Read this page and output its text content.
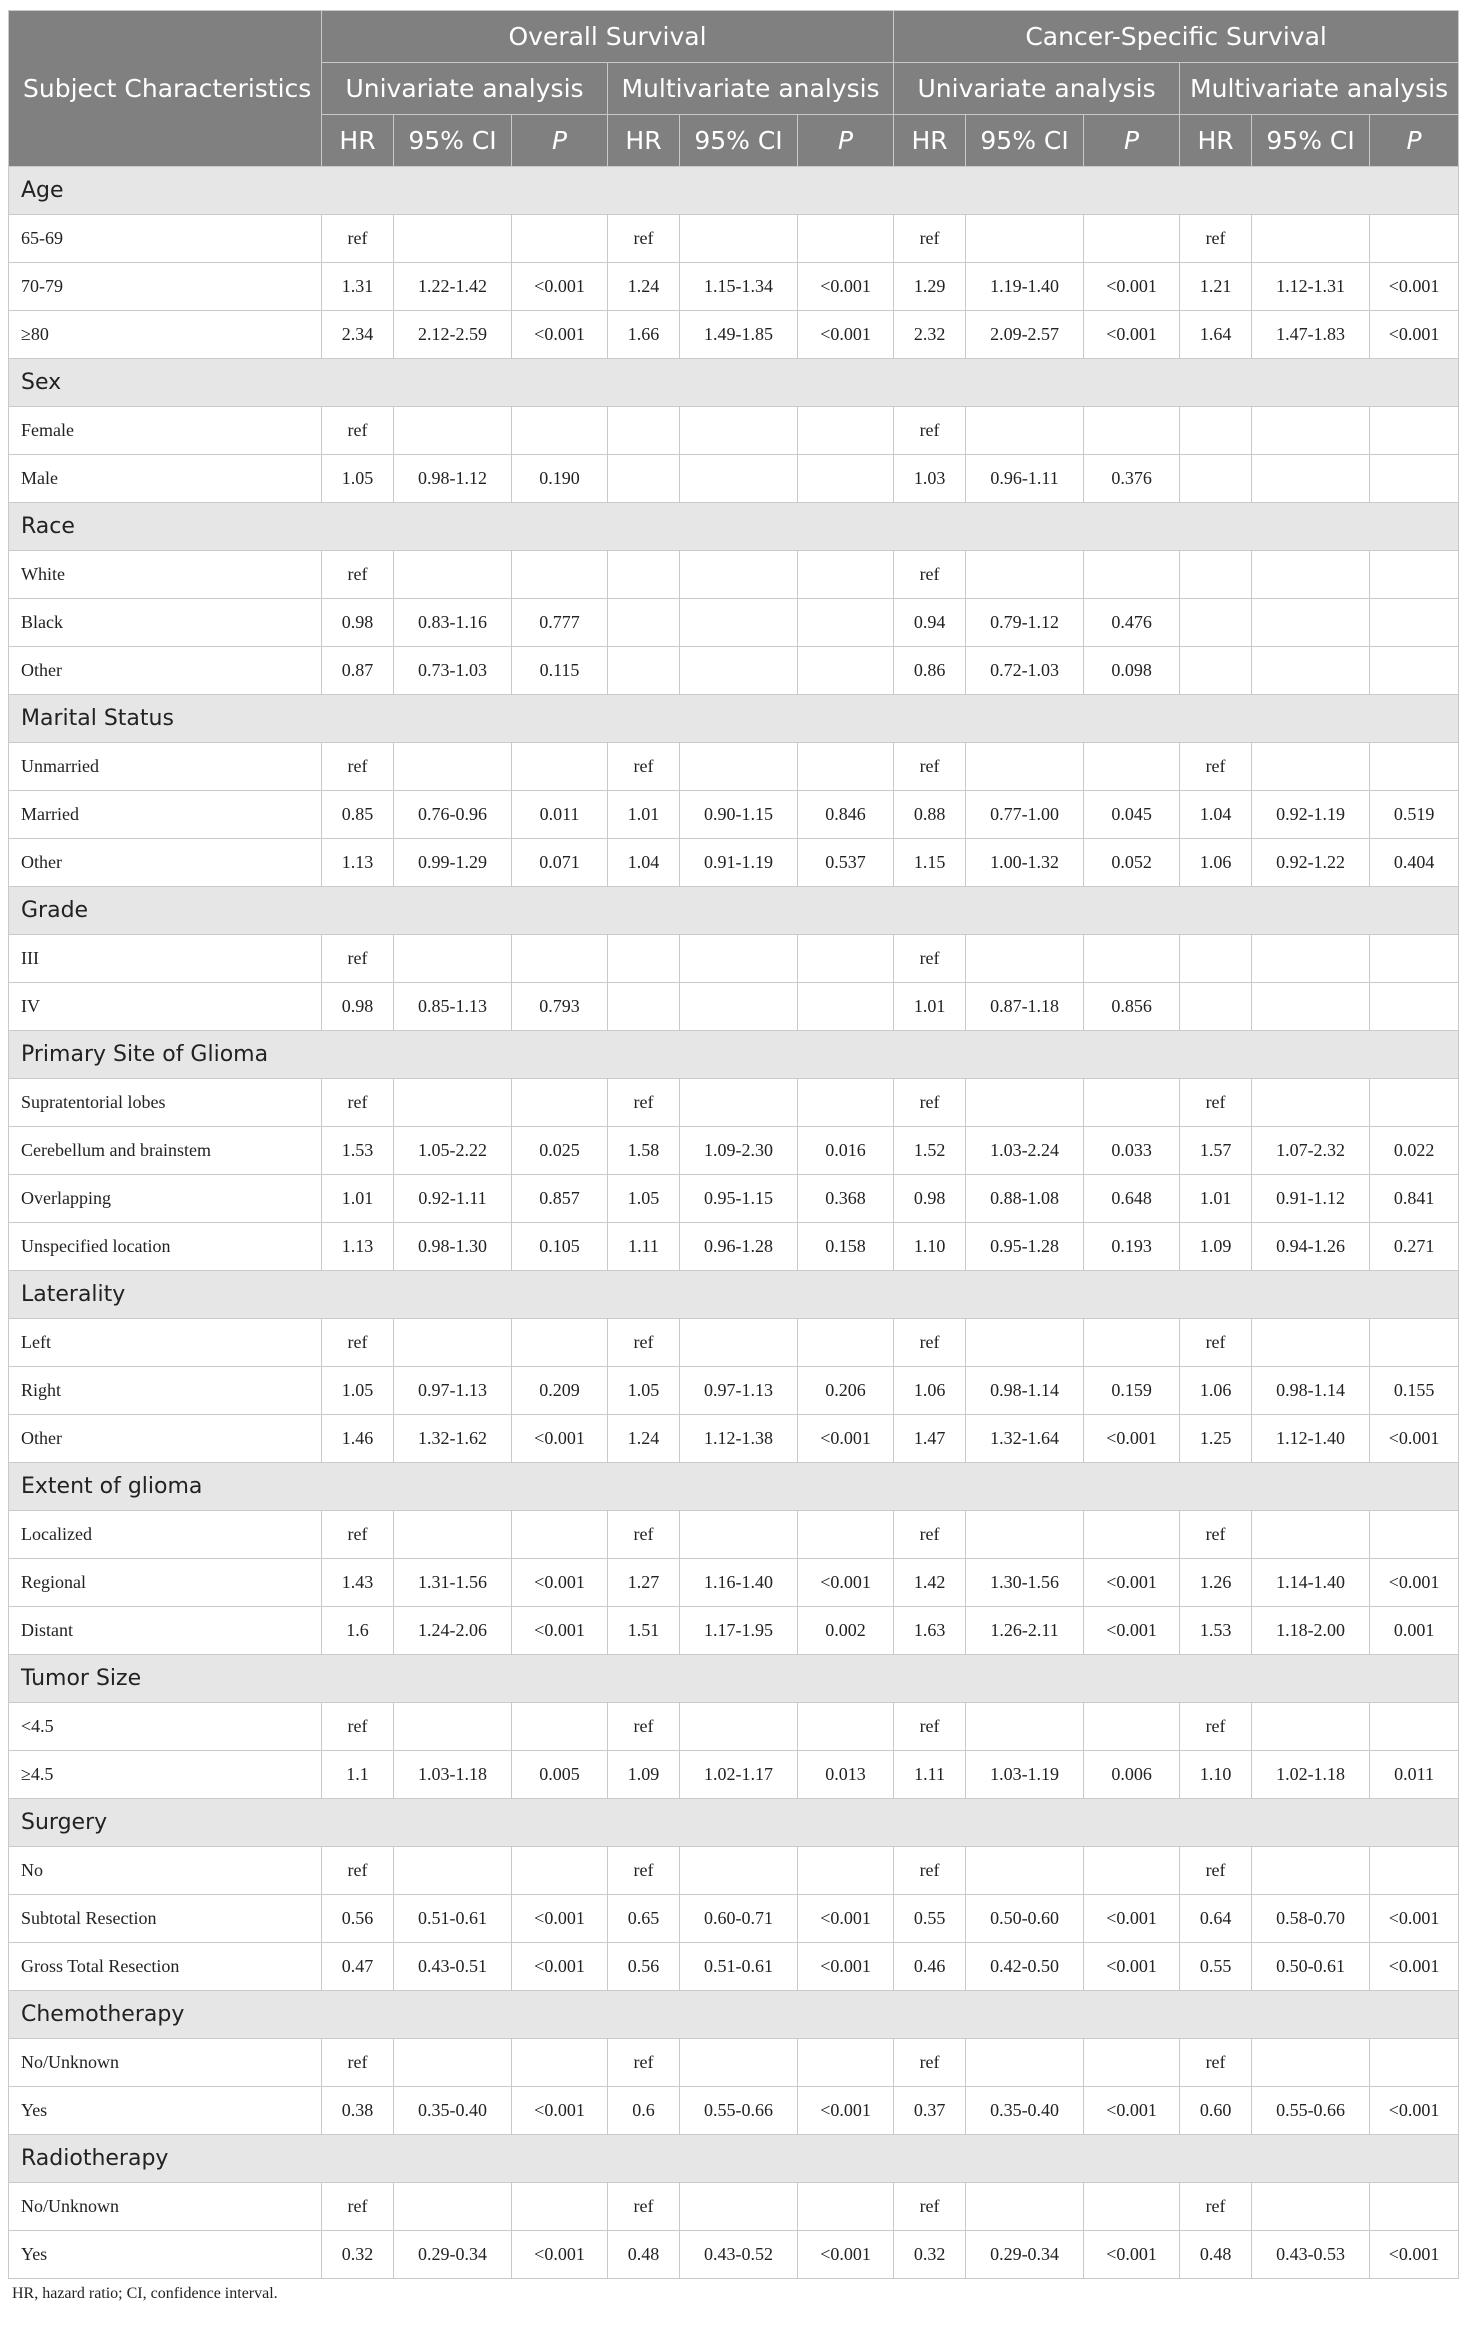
Subject Characteristics	Overall Survival						Cancer-Specific Survival					
	Univariate analysis			Multivariate analysis			Univariate analysis			Multivariate analysis		
	HR	95% CI	P	HR	95% CI	P	HR	95% CI	P	HR	95% CI	P
Age												
65-69	ref			ref			ref			ref		
70-79	1.31	1.22-1.42	<0.001	1.24	1.15-1.34	<0.001	1.29	1.19-1.40	<0.001	1.21	1.12-1.31	<0.001
≥80	2.34	2.12-2.59	<0.001	1.66	1.49-1.85	<0.001	2.32	2.09-2.57	<0.001	1.64	1.47-1.83	<0.001
Sex												
Female	ref						ref					
Male	1.05	0.98-1.12	0.190				1.03	0.96-1.11	0.376			
Race												
White	ref						ref					
Black	0.98	0.83-1.16	0.777				0.94	0.79-1.12	0.476			
Other	0.87	0.73-1.03	0.115				0.86	0.72-1.03	0.098			
Marital Status												
Unmarried	ref			ref			ref			ref		
Married	0.85	0.76-0.96	0.011	1.01	0.90-1.15	0.846	0.88	0.77-1.00	0.045	1.04	0.92-1.19	0.519
Other	1.13	0.99-1.29	0.071	1.04	0.91-1.19	0.537	1.15	1.00-1.32	0.052	1.06	0.92-1.22	0.404
Grade												
III	ref						ref					
IV	0.98	0.85-1.13	0.793				1.01	0.87-1.18	0.856			
Primary Site of Glioma												
Supratentorial lobes	ref			ref			ref			ref		
Cerebellum and brainstem	1.53	1.05-2.22	0.025	1.58	1.09-2.30	0.016	1.52	1.03-2.24	0.033	1.57	1.07-2.32	0.022
Overlapping	1.01	0.92-1.11	0.857	1.05	0.95-1.15	0.368	0.98	0.88-1.08	0.648	1.01	0.91-1.12	0.841
Unspecified location	1.13	0.98-1.30	0.105	1.11	0.96-1.28	0.158	1.10	0.95-1.28	0.193	1.09	0.94-1.26	0.271
Laterality												
Left	ref			ref			ref			ref		
Right	1.05	0.97-1.13	0.209	1.05	0.97-1.13	0.206	1.06	0.98-1.14	0.159	1.06	0.98-1.14	0.155
Other	1.46	1.32-1.62	<0.001	1.24	1.12-1.38	<0.001	1.47	1.32-1.64	<0.001	1.25	1.12-1.40	<0.001
Extent of glioma												
Localized	ref			ref			ref			ref		
Regional	1.43	1.31-1.56	<0.001	1.27	1.16-1.40	<0.001	1.42	1.30-1.56	<0.001	1.26	1.14-1.40	<0.001
Distant	1.6	1.24-2.06	<0.001	1.51	1.17-1.95	0.002	1.63	1.26-2.11	<0.001	1.53	1.18-2.00	0.001
Tumor Size												
<4.5	ref			ref			ref			ref		
≥4.5	1.1	1.03-1.18	0.005	1.09	1.02-1.17	0.013	1.11	1.03-1.19	0.006	1.10	1.02-1.18	0.011
Surgery												
No	ref			ref			ref			ref		
Subtotal Resection	0.56	0.51-0.61	<0.001	0.65	0.60-0.71	<0.001	0.55	0.50-0.60	<0.001	0.64	0.58-0.70	<0.001
Gross Total Resection	0.47	0.43-0.51	<0.001	0.56	0.51-0.61	<0.001	0.46	0.42-0.50	<0.001	0.55	0.50-0.61	<0.001
Chemotherapy												
No/Unknown	ref			ref			ref			ref		
Yes	0.38	0.35-0.40	<0.001	0.6	0.55-0.66	<0.001	0.37	0.35-0.40	<0.001	0.60	0.55-0.66	<0.001
Radiotherapy												
No/Unknown	ref			ref			ref			ref		
Yes	0.32	0.29-0.34	<0.001	0.48	0.43-0.52	<0.001	0.32	0.29-0.34	<0.001	0.48	0.43-0.53	<0.001
HR, hazard ratio; CI, confidence interval.
